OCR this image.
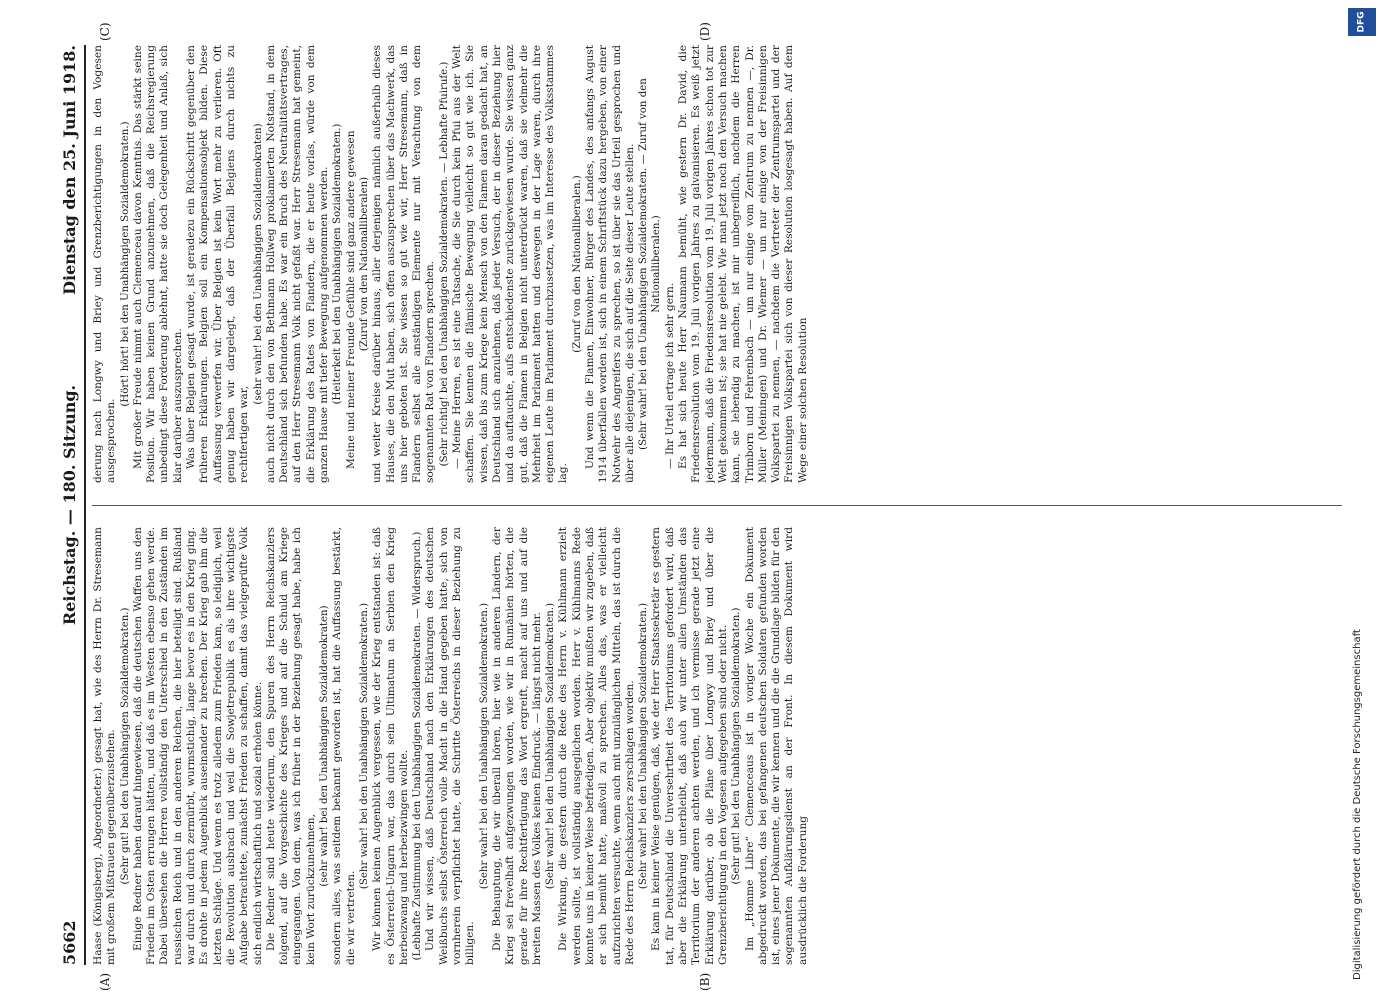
5662
Reichstag. — 180. Sitzung.
Dienstag den 25. Juni 1918.
(A)	(B)
(C)	(D)

Haase (Königsberg), Abgeordneter.) gesagt hat, wie des Herrn Dr. Stresemann mit großem Mißtrauen gegenüberzustehen. (Sehr gut! bei den Unabhängigen Sozialdemokraten.) Einige Redner haben darauf hingewiesen, daß die deutschen Waffen uns den Frieden im Osten errungen hätten, und daß es im Westen ebenso gehen werde. Dabei übersehen die Herren vollständig den Unterschied in den Zuständen im russischen Reich und in den anderen Reichen, die hier beteiligt sind. Rußland war durch und durch zermürbt, wurmstichig, lange bevor es in den Krieg ging. Es drohte in jedem Augenblick auseinander zu brechen. Der Krieg gab ihm die letzten Schläge. Und wenn es trotz alledem zum Frieden kam, so lediglich, weil die Revolution ausbrach und weil die Sowjetrepublik es als ihre wichtigste Aufgabe betrachtete, zunächst Frieden zu schaffen, damit das vielgeprüfte Volk sich endlich wirtschaftlich und sozial erholen könne. Die Redner sind heute wiederum, den Spuren des Herrn Reichskanzlers folgend, auf die Vorgeschichte des Krieges und auf die Schuld am Kriege eingegangen. Von dem, was ich früher in der Beziehung gesagt habe, habe ich kein Wort zurückzunehmen,

(sehr wahr! bei den Unabhängigen Sozialdemokraten) sondern alles, was seitdem bekannt geworden ist, hat die Auffassung bestärkt, die wir vertreten.

(Sehr wahr! bei den Unabhängigen Sozialdemokraten.) Wir können keinen Augenblick vergessen, wie der Krieg entstanden ist: daß es Österreich-Ungarn war, das durch sein Ultimatum an Serbien den Krieg herbeizwang und herbeizwingen wollte. (Lebhafte Zustimmung bei den Unabhängigen Sozialdemokraten. — Widerspruch.) Und wir wissen, daß Deutschland nach den Erklärungen des deutschen Weißbuchs selbst Österreich volle Macht in die Hand gegeben hatte, sich von vornherein verpflichtet hatte, die Schritte Österreichs in dieser Beziehung zu billigen.

(Sehr wahr! bei den Unabhängigen Sozialdemokraten.) Die Behauptung, die wir überall hören, hier wie in anderen Ländern, der Krieg sei frevelhaft aufgezwungen worden, wie wir in Rumänien hörten, die gerade für ihre Rechtfertigung das Wort ergreift, macht auf uns und auf die breiten Massen des Volkes keinen Eindruck. — längst nicht mehr. (Sehr wahr! bei den Unabhängigen Sozialdemokraten.) Die Wirkung, die gestern durch die Rede des Herrn v. Kühlmann erzielt werden sollte, ist vollständig ausgeglichen worden. Herr v. Kühlmanns Rede konnte uns in keiner Weise befriedigen. Aber objektiv mußten wir zugeben, daß er sich bemüht hatte, maßvoll zu sprechen. Alles das, was er vielleicht aufzurichten versuchte, wenn auch mit unzulänglichen Mitteln, das ist durch die Rede des Herrn Reichskanzlers zerschlagen worden. (Sehr wahr! bei den Unabhängigen Sozialdemokraten.) Es kam in keiner Weise genügen, daß, wie der Herr Staatssekretär es gestern tat, für Deutschland die Unversehrtheit des Territoriums gefordert wird, daß aber die Erklärung unterbleibt, daß auch wir unter allen Umständen das Territorium der anderen achten werden, und ich vermisse gerade jetzt eine Erklärung darüber, ob die Pläne über Longwy und Briey und über die Grenzberichtigung in den Vogesen aufgegeben sind oder nicht. (Sehr gut! bei den Unabhängigen Sozialdemokraten.) Im „Homme Libre“ Clemenceaus ist in voriger Woche ein Dokument abgedruckt worden, das bei gefangenen deutschen Soldaten gefunden worden ist, eines jener Dokumente, die wir kennen und die die Grundlage bilden für den sogenannten Aufklärungsdienst an der Front. In diesem Dokument wird ausdrücklich die Forderung

derung nach Longwy und Briey und Grenzberichtigungen in den Vogesen ausgesprochen.

(Hört! hört! bei den Unabhängigen Sozialdemokraten.) Mit großer Freude nimmt auch Clemenceau davon Kenntnis. Das stärkt seine Position. Wir haben keinen Grund anzunehmen, daß die Reichsregierung unbedingt diese Forderung ablehnt, hatte sie doch Gelegenheit und Anlaß, sich klar darüber auszusprechen. Was über Belgien gesagt wurde, ist geradezu ein Rückschritt gegenüber den früheren Erklärungen. Belgien soll ein Kompensationsobjekt bilden. Diese Auffassung verwerfen wir. Über Belgien ist kein Wort mehr zu verlieren. Oft genug haben wir dargelegt, daß der Überfall Belgiens durch nichts zu rechtfertigen war,

(sehr wahr! bei den Unabhängigen Sozialdemokraten) auch nicht durch den von Bethmann Hollweg proklamierten Notstand, in dem Deutschland sich befunden habe. Es war ein Bruch des Neutralitätsvertrages, auf den Herr Stresemann Volk nicht gefaßt war. Herr Stresemann hat gemeint, die Erklärung des Rates von Flandern, die er heute vorlas, würde von dem ganzen Hause mit tiefer Bewegung aufgenommen werden. (Heiterkeit bei den Unabhängigen Sozialdemokraten.) Meine und meiner Freunde Gefühle sind ganz andere gewesen (Zuruf von den Nationalliberalen) und weiter Kreise darüber hinaus, aller derjenigen nämlich außerhalb dieses Hauses, die den Mut haben, sich offen auszusprechen über das Machwerk, das uns hier geboten ist. Sie wissen so gut wie wir, Herr Stresemann, daß in Flandern selbst alle anständigen Elemente nur mit Verachtung von dem sogenannten Rat von Flandern sprechen. (Sehr richtig! bei den Unabhängigen Sozialdemokraten. — Lebhafte Pfuirufe.) — Meine Herren, es ist eine Tatsache, die Sie durch kein Pfui aus der Welt schaffen. Sie kennen die flämische Bewegung vielleicht so gut wie ich. Sie wissen, daß bis zum Kriege kein Mensch von den Flamen daran gedacht hat, an Deutschland sich anzulehnen, daß jeder Versuch, der in dieser Beziehung hier und da auftauchte, aufs entschiedenste zurückgewiesen wurde. Sie wissen ganz gut, daß die Flamen in Belgien nicht unterdrückt waren, daß sie vielmehr die Mehrheit im Parlament hatten und deswegen in der Lage waren, durch ihre eigenen Leute im Parlament durchzusetzen, was im Interesse des Volksstammes lag.

(Zuruf von den Nationalliberalen.) Und wenn die Flamen, Einwohner, Bürger des Landes, des anfangs August 1914 überfallen worden ist, sich in einem Schriftstück dazu hergeben, von einer Notwehr des Angreifers zu sprechen, so ist über sie das Urteil gesprochen und über alle diejenigen, die sich auf die Seite dieser Leute stellen. (Sehr wahr! bei den Unabhängigen Sozialdemokraten. — Zuruf von den Nationalliberalen.)

— Ihr Urteil ertrage ich sehr gern. Es hat sich heute Herr Naumann bemüht, wie gestern Dr. David, die Friedensresolution vom 19. Juli vorigen Jahres zu galvanisieren. Es weiß jetzt jedermann, daß die Friedensresolution vom 19. Juli vorigen Jahres schon tot zur Welt gekommen ist; sie hat nie gelebt. Wie man jetzt noch den Versuch machen kann, sie lebendig zu machen, ist mir unbegreiflich, nachdem die Herren Trimborn und Fehrenbach — um nur einige vom Zentrum zu nennen —, Dr. Müller (Meiningen) und Dr. Wiemer — um nur einige von der Freisinnigen Volkspartei zu nennen, — nachdem die Vertreter der Zentrumspartei und der Freisinnigen Volkspartei sich von dieser Resolution losgesagt haben. Auf dem Wege einer solchen Resolution

Digitalisierung gefördert durch die Deutsche Forschungsgemeinschaft
DFG
